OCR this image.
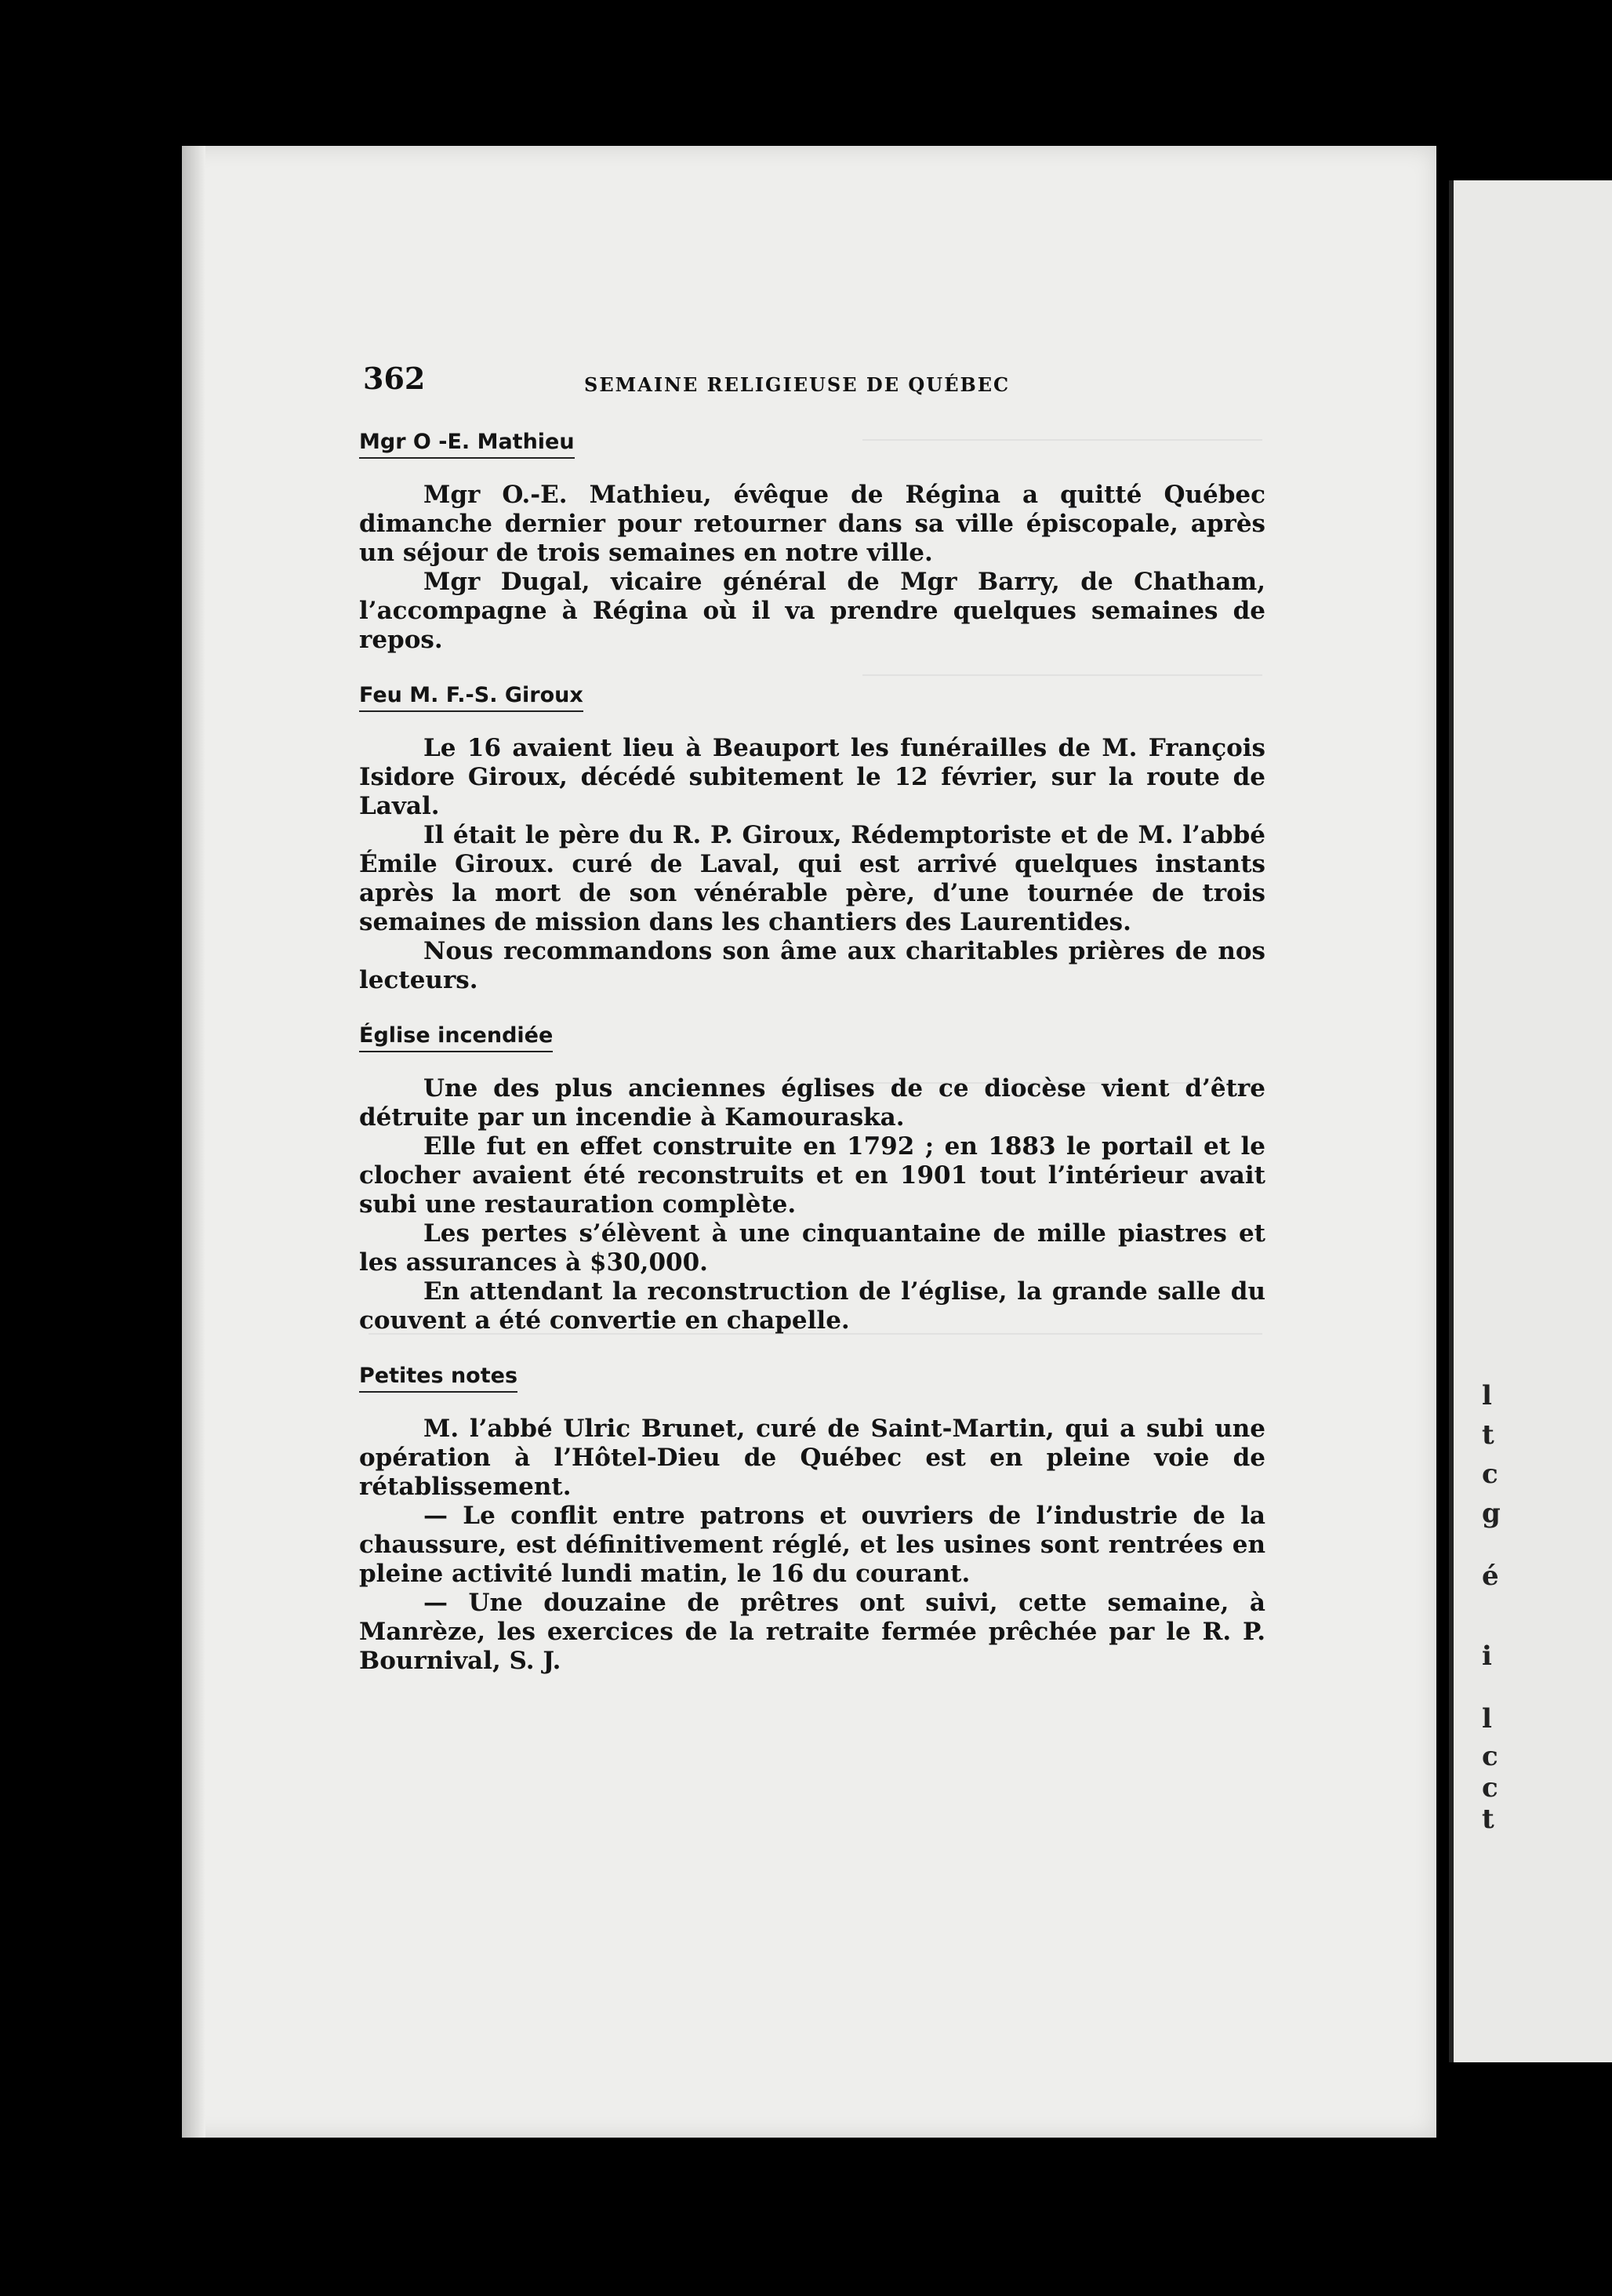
l
t
c
g
é
i
l
c
c
t
362	SEMAINE RELIGIEUSE DE QUÉBEC
Mgr O -E. Mathieu

Mgr O.-E. Mathieu, évêque de Régina a quitté Québec dimanche dernier pour retourner dans sa ville épiscopale, après un séjour de trois semaines en notre ville.

Mgr Dugal, vicaire général de Mgr Barry, de Chatham, l’accompagne à Régina où il va prendre quelques semaines de repos.

Feu M. F.-S. Giroux

Le 16 avaient lieu à Beauport les funérailles de M. François Isidore Giroux, décédé subitement le 12 février, sur la route de Laval.

Il était le père du R. P. Giroux, Rédemptoriste et de M. l’abbé Émile Giroux. curé de Laval, qui est arrivé quelques instants après la mort de son vénérable père, d’une tournée de trois semaines de mission dans les chantiers des Laurentides.

Nous recommandons son âme aux charitables prières de nos lecteurs.

Église incendiée

Une des plus anciennes églises de ce diocèse vient d’être détruite par un incendie à Kamouraska.

Elle fut en effet construite en 1792 ; en 1883 le portail et le clocher avaient été reconstruits et en 1901 tout l’intérieur avait subi une restauration complète.

Les pertes s’élèvent à une cinquantaine de mille piastres et les assurances à $30,000.

En attendant la reconstruction de l’église, la grande salle du couvent a été convertie en chapelle.

Petites notes

M. l’abbé Ulric Brunet, curé de Saint-Martin, qui a subi une opération à l’Hôtel-Dieu de Québec est en pleine voie de rétablissement.

— Le conflit entre patrons et ouvriers de l’industrie de la chaussure, est définitivement réglé, et les usines sont rentrées en pleine activité lundi matin, le 16 du courant.

— Une douzaine de prêtres ont suivi, cette semaine, à Manrèze, les exercices de la retraite fermée prêchée par le R. P. Bournival, S. J.
